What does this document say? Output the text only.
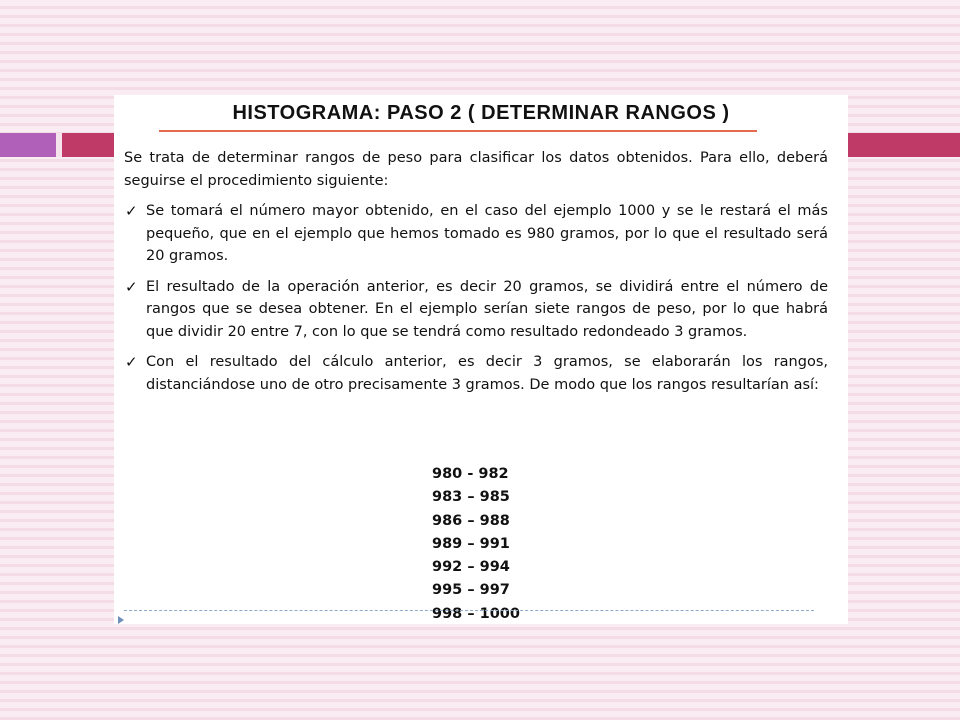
HISTOGRAMA: PASO 2 ( DETERMINAR RANGOS )

Se trata de determinar rangos de peso para clasificar los datos obtenidos. Para ello, deberá seguirse el procedimiento siguiente:

✓ Se tomará el número mayor obtenido, en el caso del ejemplo 1000 y se le restará el más pequeño, que en el ejemplo que hemos tomado es 980 gramos, por lo que el resultado será 20 gramos.
✓ El resultado de la operación anterior, es decir 20 gramos, se dividirá entre el número de rangos que se desea obtener. En el ejemplo serían siete rangos de peso, por lo que habrá que dividir 20 entre 7, con lo que se tendrá como resultado redondeado 3 gramos.
✓ Con el resultado del cálculo anterior, es decir 3 gramos, se elaborarán los rangos, distanciándose uno de otro precisamente 3 gramos. De modo que los rangos resultarían así:
980 - 982
983 – 985
986 – 988
989 – 991
992 – 994
995 – 997
998 – 1000
